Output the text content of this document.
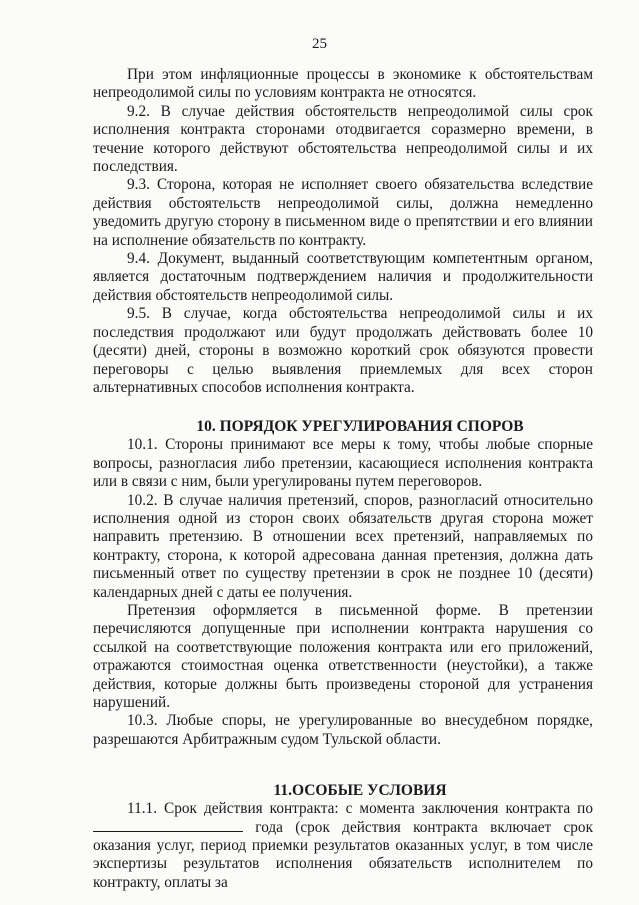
25

При этом инфляционные процессы в экономике к обстоятельствам непреодолимой силы по условиям контракта не относятся.

9.2. В случае действия обстоятельств непреодолимой силы срок исполнения контракта сторонами отодвигается соразмерно времени, в течение которого действуют обстоятельства непреодолимой силы и их последствия.

9.3. Сторона, которая не исполняет своего обязательства вследствие действия обстоятельств непреодолимой силы, должна немедленно уведомить другую сторону в письменном виде о препятствии и его влиянии на исполнение обязательств по контракту.

9.4. Документ, выданный соответствующим компетентным органом, является достаточным подтверждением наличия и продолжительности действия обстоятельств непреодолимой силы.

9.5. В случае, когда обстоятельства непреодолимой силы и их последствия продолжают или будут продолжать действовать более 10 (десяти) дней, стороны в возможно короткий срок обязуются провести переговоры с целью выявления приемлемых для всех сторон альтернативных способов исполнения контракта.

10. ПОРЯДОК УРЕГУЛИРОВАНИЯ СПОРОВ

10.1. Стороны принимают все меры к тому, чтобы любые спорные вопросы, разногласия либо претензии, касающиеся исполнения контракта или в связи с ним, были урегулированы путем переговоров.

10.2. В случае наличия претензий, споров, разногласий относительно исполнения одной из сторон своих обязательств другая сторона может направить претензию. В отношении всех претензий, направляемых по контракту, сторона, к которой адресована данная претензия, должна дать письменный ответ по существу претензии в срок не позднее 10 (десяти) календарных дней с даты ее получения.

Претензия оформляется в письменной форме. В претензии перечисляются допущенные при исполнении контракта нарушения со ссылкой на соответствующие положения контракта или его приложений, отражаются стоимостная оценка ответственности (неустойки), а также действия, которые должны быть произведены стороной для устранения нарушений.

10.3. Любые споры, не урегулированные во внесудебном порядке, разрешаются Арбитражным судом Тульской области.

11.ОСОБЫЕ УСЛОВИЯ

11.1. Срок действия контракта: с момента заключения контракта по  года (срок действия контракта включает срок оказания услуг, период приемки результатов оказанных услуг, в том числе экспертизы результатов исполнения обязательств исполнителем по контракту, оплаты за
